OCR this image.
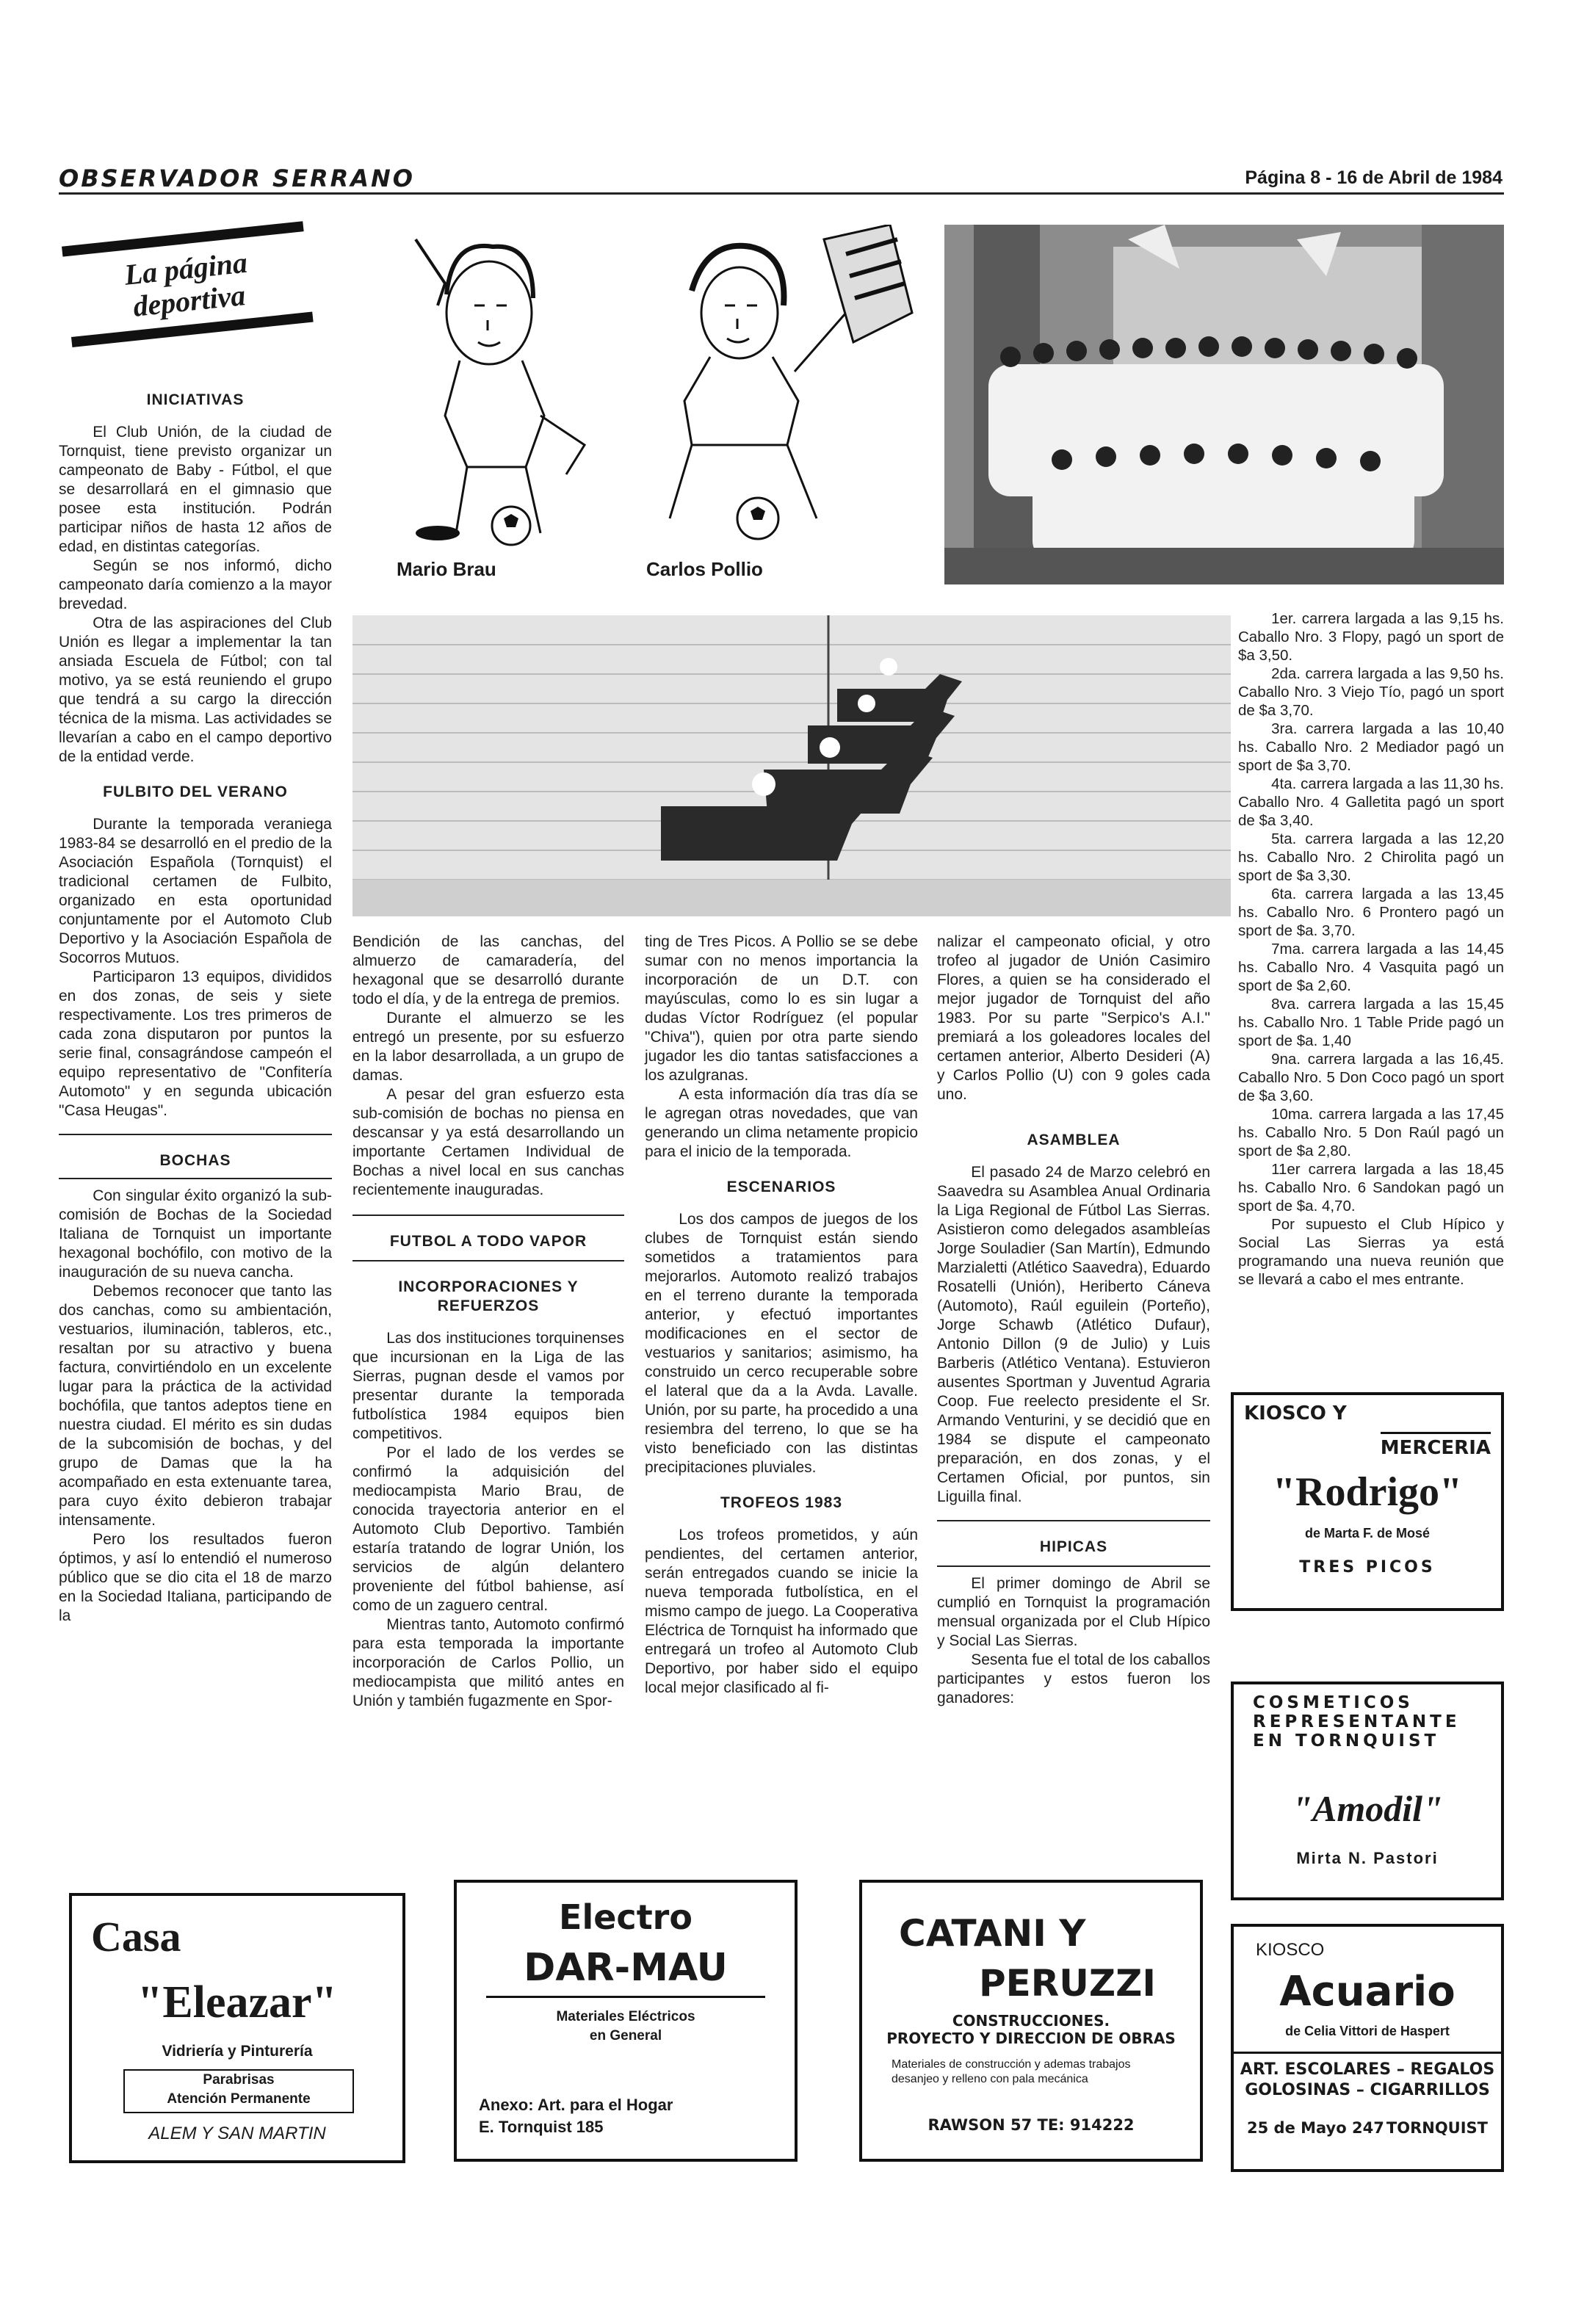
OBSERVADOR SERRANO	Página 8 - 16 de Abril de 1984
La página
deportiva
Mario Brau	Carlos Pollio
INICIATIVAS

El Club Unión, de la ciudad de Tornquist, tiene previsto organizar un campeonato de Baby - Fútbol, el que se desarrollará en el gimnasio que posee esta institución. Podrán participar niños de hasta 12 años de edad, en distintas categorías.

Según se nos informó, dicho campeonato daría comienzo a la mayor brevedad.

Otra de las aspiraciones del Club Unión es llegar a implementar la tan ansiada Escuela de Fútbol; con tal motivo, ya se está reuniendo el grupo que tendrá a su cargo la dirección técnica de la misma. Las actividades se llevarían a cabo en el campo deportivo de la entidad verde.

FULBITO DEL VERANO

Durante la temporada veraniega 1983-84 se desarrolló en el predio de la Asociación Española (Tornquist) el tradicional certamen de Fulbito, organizado en esta oportunidad conjuntamente por el Automoto Club Deportivo y la Asociación Española de Socorros Mutuos.

Participaron 13 equipos, divididos en dos zonas, de seis y siete respectivamente. Los tres primeros de cada zona disputaron por puntos la serie final, consagrándose campeón el equipo representativo de "Confitería Automoto" y en segunda ubicación "Casa Heugas".

BOCHAS

Con singular éxito organizó la sub-comisión de Bochas de la Sociedad Italiana de Tornquist un importante hexagonal bochófilo, con motivo de la inauguración de su nueva cancha.

Debemos reconocer que tanto las dos canchas, como su ambientación, vestuarios, iluminación, tableros, etc., resaltan por su atractivo y buena factura, convirtiéndolo en un excelente lugar para la práctica de la actividad bochófila, que tantos adeptos tiene en nuestra ciudad. El mérito es sin dudas de la subcomisión de bochas, y del grupo de Damas que la ha acompañado en esta extenuante tarea, para cuyo éxito debieron trabajar intensamente.

Pero los resultados fueron óptimos, y así lo entendió el numeroso público que se dio cita el 18 de marzo en la Sociedad Italiana, participando de la

Bendición de las canchas, del almuerzo de camaradería, del hexagonal que se desarrolló durante todo el día, y de la entrega de premios.

Durante el almuerzo se les entregó un presente, por su esfuerzo en la labor desarrollada, a un grupo de damas.

A pesar del gran esfuerzo esta sub-comisión de bochas no piensa en descansar y ya está desarrollando un importante Certamen Individual de Bochas a nivel local en sus canchas recientemente inauguradas.

FUTBOL A TODO VAPOR
INCORPORACIONES Y REFUERZOS

Las dos instituciones torquinenses que incursionan en la Liga de las Sierras, pugnan desde el vamos por presentar durante la temporada futbolística 1984 equipos bien competitivos.

Por el lado de los verdes se confirmó la adquisición del mediocampista Mario Brau, de conocida trayectoria anterior en el Automoto Club Deportivo. También estaría tratando de lograr Unión, los servicios de algún delantero proveniente del fútbol bahiense, así como de un zaguero central.

Mientras tanto, Automoto confirmó para esta temporada la importante incorporación de Carlos Pollio, un mediocampista que militó antes en Unión y también fugazmente en Spor-

ting de Tres Picos. A Pollio se se debe sumar con no menos importancia la incorporación de un D.T. con mayúsculas, como lo es sin lugar a dudas Víctor Rodríguez (el popular "Chiva"), quien por otra parte siendo jugador les dio tantas satisfacciones a los azulgranas.

A esta información día tras día se le agregan otras novedades, que van generando un clima netamente propicio para el inicio de la temporada.

ESCENARIOS

Los dos campos de juegos de los clubes de Tornquist están siendo sometidos a tratamientos para mejorarlos. Automoto realizó trabajos en el terreno durante la temporada anterior, y efectuó importantes modificaciones en el sector de vestuarios y sanitarios; asimismo, ha construido un cerco recuperable sobre el lateral que da a la Avda. Lavalle. Unión, por su parte, ha procedido a una resiembra del terreno, lo que se ha visto beneficiado con las distintas precipitaciones pluviales.

TROFEOS 1983

Los trofeos prometidos, y aún pendientes, del certamen anterior, serán entregados cuando se inicie la nueva temporada futbolística, en el mismo campo de juego. La Cooperativa Eléctrica de Tornquist ha informado que entregará un trofeo al Automoto Club Deportivo, por haber sido el equipo local mejor clasificado al fi-

nalizar el campeonato oficial, y otro trofeo al jugador de Unión Casimiro Flores, a quien se ha considerado el mejor jugador de Tornquist del año 1983. Por su parte "Serpico's A.I." premiará a los goleadores locales del certamen anterior, Alberto Desideri (A) y Carlos Pollio (U) con 9 goles cada uno.

ASAMBLEA

El pasado 24 de Marzo celebró en Saavedra su Asamblea Anual Ordinaria la Liga Regional de Fútbol Las Sierras. Asistieron como delegados asambleías Jorge Souladier (San Martín), Edmundo Marzialetti (Atlético Saavedra), Eduardo Rosatelli (Unión), Heriberto Cáneva (Automoto), Raúl eguilein (Porteño), Jorge Schawb (Atlético Dufaur), Antonio Dillon (9 de Julio) y Luis Barberis (Atlético Ventana). Estuvieron ausentes Sportman y Juventud Agraria Coop. Fue reelecto presidente el Sr. Armando Venturini, y se decidió que en 1984 se dispute el campeonato preparación, en dos zonas, y el Certamen Oficial, por puntos, sin Liguilla final.

HIPICAS

El primer domingo de Abril se cumplió en Tornquist la programación mensual organizada por el Club Hípico y Social Las Sierras.

Sesenta fue el total de los caballos participantes y estos fueron los ganadores:

1er. carrera largada a las 9,15 hs. Caballo Nro. 3 Flopy, pagó un sport de $a 3,50.

2da. carrera largada a las 9,50 hs. Caballo Nro. 3 Viejo Tío, pagó un sport de $a 3,70.

3ra. carrera largada a las 10,40 hs. Caballo Nro. 2 Mediador pagó un sport de $a 3,70.

4ta. carrera largada a las 11,30 hs. Caballo Nro. 4 Galletita pagó un sport de $a 3,40.

5ta. carrera largada a las 12,20 hs. Caballo Nro. 2 Chirolita pagó un sport de $a 3,30.

6ta. carrera largada a las 13,45 hs. Caballo Nro. 6 Prontero pagó un sport de $a. 3,70.

7ma. carrera largada a las 14,45 hs. Caballo Nro. 4 Vasquita pagó un sport de $a 2,60.

8va. carrera largada a las 15,45 hs. Caballo Nro. 1 Table Pride pagó un sport de $a. 1,40

9na. carrera largada a las 16,45. Caballo Nro. 5 Don Coco pagó un sport de $a 3,60.

10ma. carrera largada a las 17,45 hs. Caballo Nro. 5 Don Raúl pagó un sport de $a 2,80.

11er carrera largada a las 18,45 hs. Caballo Nro. 6 Sandokan pagó un sport de $a. 4,70.

Por supuesto el Club Hípico y Social Las Sierras ya está programando una nueva reunión que se llevará a cabo el mes entrante.

KIOSCO Y
MERCERIA
"Rodrigo"
de Marta F. de Mosé
TRES PICOS
COSMETICOS
REPRESENTANTE
EN TORNQUIST
"Amodil"
Mirta N. Pastori
Casa
"Eleazar"
Vidriería y Pinturería
Parabrisas
Atención Permanente
ALEM Y SAN MARTIN
Electro
DAR-MAU
Materiales Eléctricos
en General
Anexo: Art. para el Hogar
E. Tornquist 185
CATANI Y
PERUZZI
CONSTRUCCIONES.
PROYECTO Y DIRECCION DE OBRAS
Materiales de construcción y ademas trabajos desanjeo y relleno con pala mecánica
RAWSON 57 TE: 914222
KIOSCO
Acuario
de Celia Vittori de Haspert
ART. ESCOLARES – REGALOS
GOLOSINAS – CIGARRILLOS
25 de Mayo 247 TORNQUIST
